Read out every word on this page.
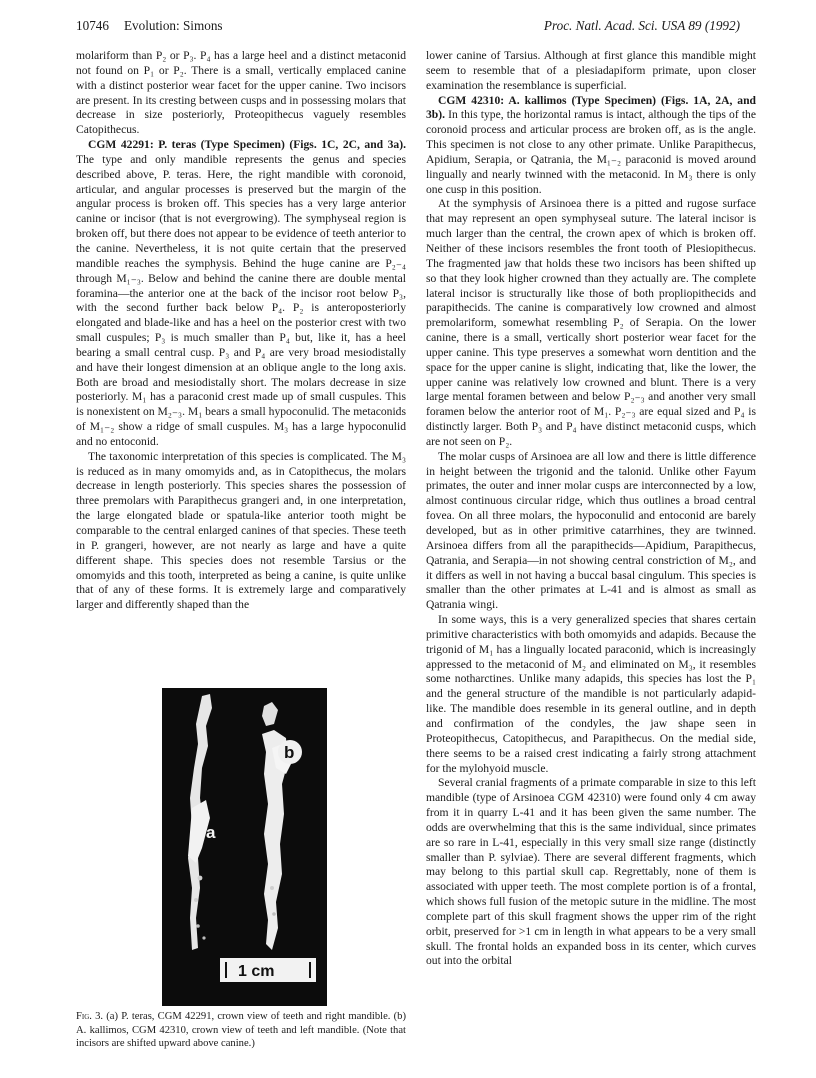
10746 Evolution: Simons	Proc. Natl. Acad. Sci. USA 89 (1992)

molariform than P₂ or P₃. P₄ has a large heel and a distinct metaconid not found on P₁ or P₂. There is a small, vertically emplaced canine with a distinct posterior wear facet for the upper canine. Two incisors are present. In its cresting between cusps and in possessing molars that decrease in size posteriorly, Proteopithecus vaguely resembles Catopithecus.

CGM 42291: P. teras (Type Specimen) (Figs. 1C, 2C, and 3a). The type and only mandible represents the genus and species described above, P. teras. Here, the right mandible with coronoid, articular, and angular processes is preserved but the margin of the angular process is broken off. This species has a very large anterior canine or incisor (that is not evergrowing). The symphyseal region is broken off, but there does not appear to be evidence of teeth anterior to the canine. Nevertheless, it is not quite certain that the preserved mandible reaches the symphysis. Behind the huge canine are P₂₋₄ through M₁₋₃. Below and behind the canine there are double mental foramina—the anterior one at the back of the incisor root below P₃, with the second further back below P₄. P₂ is anteroposteriorly elongated and blade-like and has a heel on the posterior crest with two small cuspules; P₃ is much smaller than P₄ but, like it, has a heel bearing a small central cusp. P₃ and P₄ are very broad mesiodistally and have their longest dimension at an oblique angle to the long axis. Both are broad and mesiodistally short. The molars decrease in size posteriorly. M₁ has a paraconid crest made up of small cuspules. This is nonexistent on M₂₋₃. M₁ bears a small hypoconulid. The metaconids of M₁₋₂ show a ridge of small cuspules. M₃ has a large hypoconulid and no entoconid.

The taxonomic interpretation of this species is complicated. The M₃ is reduced as in many omomyids and, as in Catopithecus, the molars decrease in length posteriorly. This species shares the possession of three premolars with Parapithecus grangeri and, in one interpretation, the large elongated blade or spatula-like anterior tooth might be comparable to the central enlarged canines of that species. These teeth in P. grangeri, however, are not nearly as large and have a quite different shape. This species does not resemble Tarsius or the omomyids and this tooth, interpreted as being a canine, is quite unlike that of any of these forms. It is extremely large and comparatively larger and differently shaped than the

b
a
1 cm
Fig. 3. (a) P. teras, CGM 42291, crown view of teeth and right mandible. (b) A. kallimos, CGM 42310, crown view of teeth and left mandible. (Note that incisors are shifted upward above canine.)

lower canine of Tarsius. Although at first glance this mandible might seem to resemble that of a plesiadapiform primate, upon closer examination the resemblance is superficial.

CGM 42310: A. kallimos (Type Specimen) (Figs. 1A, 2A, and 3b). In this type, the horizontal ramus is intact, although the tips of the coronoid process and articular process are broken off, as is the angle. This specimen is not close to any other primate. Unlike Parapithecus, Apidium, Serapia, or Qatrania, the M₁₋₂ paraconid is moved around lingually and nearly twinned with the metaconid. In M₃ there is only one cusp in this position.

At the symphysis of Arsinoea there is a pitted and rugose surface that may represent an open symphyseal suture. The lateral incisor is much larger than the central, the crown apex of which is broken off. Neither of these incisors resembles the front tooth of Plesiopithecus. The fragmented jaw that holds these two incisors has been shifted up so that they look higher crowned than they actually are. The complete lateral incisor is structurally like those of both propliopithecids and parapithecids. The canine is comparatively low crowned and almost premolariform, somewhat resembling P₂ of Serapia. On the lower canine, there is a small, vertically short posterior wear facet for the upper canine. This type preserves a somewhat worn dentition and the space for the upper canine is slight, indicating that, like the lower, the upper canine was relatively low crowned and blunt. There is a very large mental foramen between and below P₂₋₃ and another very small foramen below the anterior root of M₁. P₂₋₃ are equal sized and P₄ is distinctly larger. Both P₃ and P₄ have distinct metaconid cusps, which are not seen on P₂.

The molar cusps of Arsinoea are all low and there is little difference in height between the trigonid and the talonid. Unlike other Fayum primates, the outer and inner molar cusps are interconnected by a low, almost continuous circular ridge, which thus outlines a broad central fovea. On all three molars, the hypoconulid and entoconid are barely developed, but as in other primitive catarrhines, they are twinned. Arsinoea differs from all the parapithecids—Apidium, Parapithecus, Qatrania, and Serapia—in not showing central constriction of M₂, and it differs as well in not having a buccal basal cingulum. This species is smaller than the other primates at L-41 and is almost as small as Qatrania wingi.

In some ways, this is a very generalized species that shares certain primitive characteristics with both omomyids and adapids. Because the trigonid of M₁ has a lingually located paraconid, which is increasingly appressed to the metaconid of M₂ and eliminated on M₃, it resembles some notharctines. Unlike many adapids, this species has lost the P₁ and the general structure of the mandible is not particularly adapid-like. The mandible does resemble in its general outline, and in depth and confirmation of the condyles, the jaw shape seen in Proteopithecus, Catopithecus, and Parapithecus. On the medial side, there seems to be a raised crest indicating a fairly strong attachment for the mylohyoid muscle.

Several cranial fragments of a primate comparable in size to this left mandible (type of Arsinoea CGM 42310) were found only 4 cm away from it in quarry L-41 and it has been given the same number. The odds are overwhelming that this is the same individual, since primates are so rare in L-41, especially in this very small size range (distinctly smaller than P. sylviae). There are several different fragments, which may belong to this partial skull cap. Regrettably, none of them is associated with upper teeth. The most complete portion is of a frontal, which shows full fusion of the metopic suture in the midline. The most complete part of this skull fragment shows the upper rim of the right orbit, preserved for >1 cm in length in what appears to be a very small skull. The frontal holds an expanded boss in its center, which curves out into the orbital
